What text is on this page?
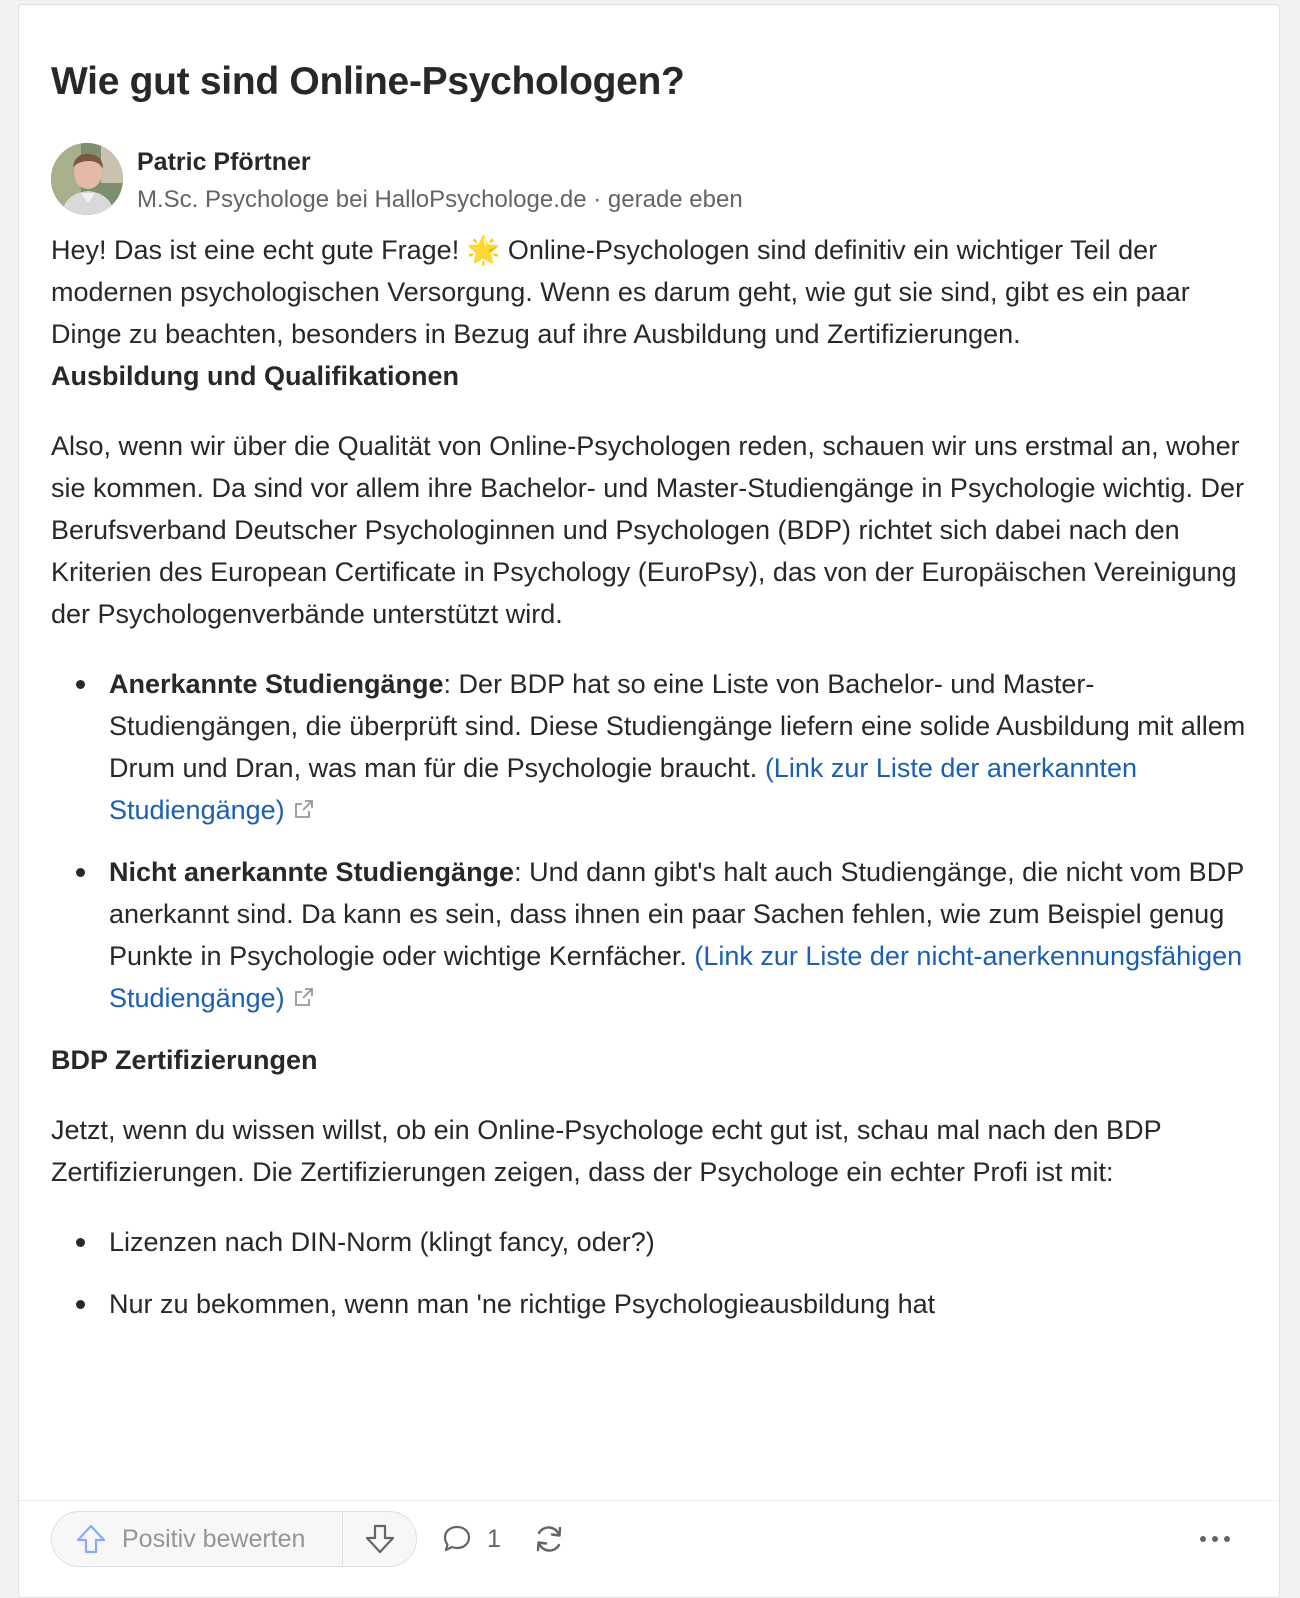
Wie gut sind Online-Psychologen?
Patric Pförtner
M.Sc. Psychologe bei HalloPsychologe.de · gerade eben

Hey! Das ist eine echt gute Frage! 🌟 Online-Psychologen sind definitiv ein wichtiger Teil der modernen psychologischen Versorgung. Wenn es darum geht, wie gut sie sind, gibt es ein paar Dinge zu beachten, besonders in Bezug auf ihre Ausbildung und Zertifizierungen.

Ausbildung und Qualifikationen

Also, wenn wir über die Qualität von Online-Psychologen reden, schauen wir uns erstmal an, woher sie kommen. Da sind vor allem ihre Bachelor- und Master-Studiengänge in Psychologie wichtig. Der Berufsverband Deutscher Psychologinnen und Psychologen (BDP) richtet sich dabei nach den Kriterien des European Certificate in Psychology (EuroPsy), das von der Europäischen Vereinigung der Psychologenverbände unterstützt wird.

Anerkannte Studiengänge: Der BDP hat so eine Liste von Bachelor- und Master-Studiengängen, die überprüft sind. Diese Studiengänge liefern eine solide Ausbildung mit allem Drum und Dran, was man für die Psychologie braucht. (Link zur Liste der anerkannten Studiengänge)
Nicht anerkannte Studiengänge: Und dann gibt's halt auch Studiengänge, die nicht vom BDP anerkannt sind. Da kann es sein, dass ihnen ein paar Sachen fehlen, wie zum Beispiel genug Punkte in Psychologie oder wichtige Kernfächer. (Link zur Liste der nicht-anerkennungsfähigen Studiengänge)

BDP Zertifizierungen

Jetzt, wenn du wissen willst, ob ein Online-Psychologe echt gut ist, schau mal nach den BDP Zertifizierungen. Die Zertifizierungen zeigen, dass der Psychologe ein echter Profi ist mit:

Lizenzen nach DIN-Norm (klingt fancy, oder?)
Nur zu bekommen, wenn man 'ne richtige Psychologieausbildung hat
Positiv bewerten	1
